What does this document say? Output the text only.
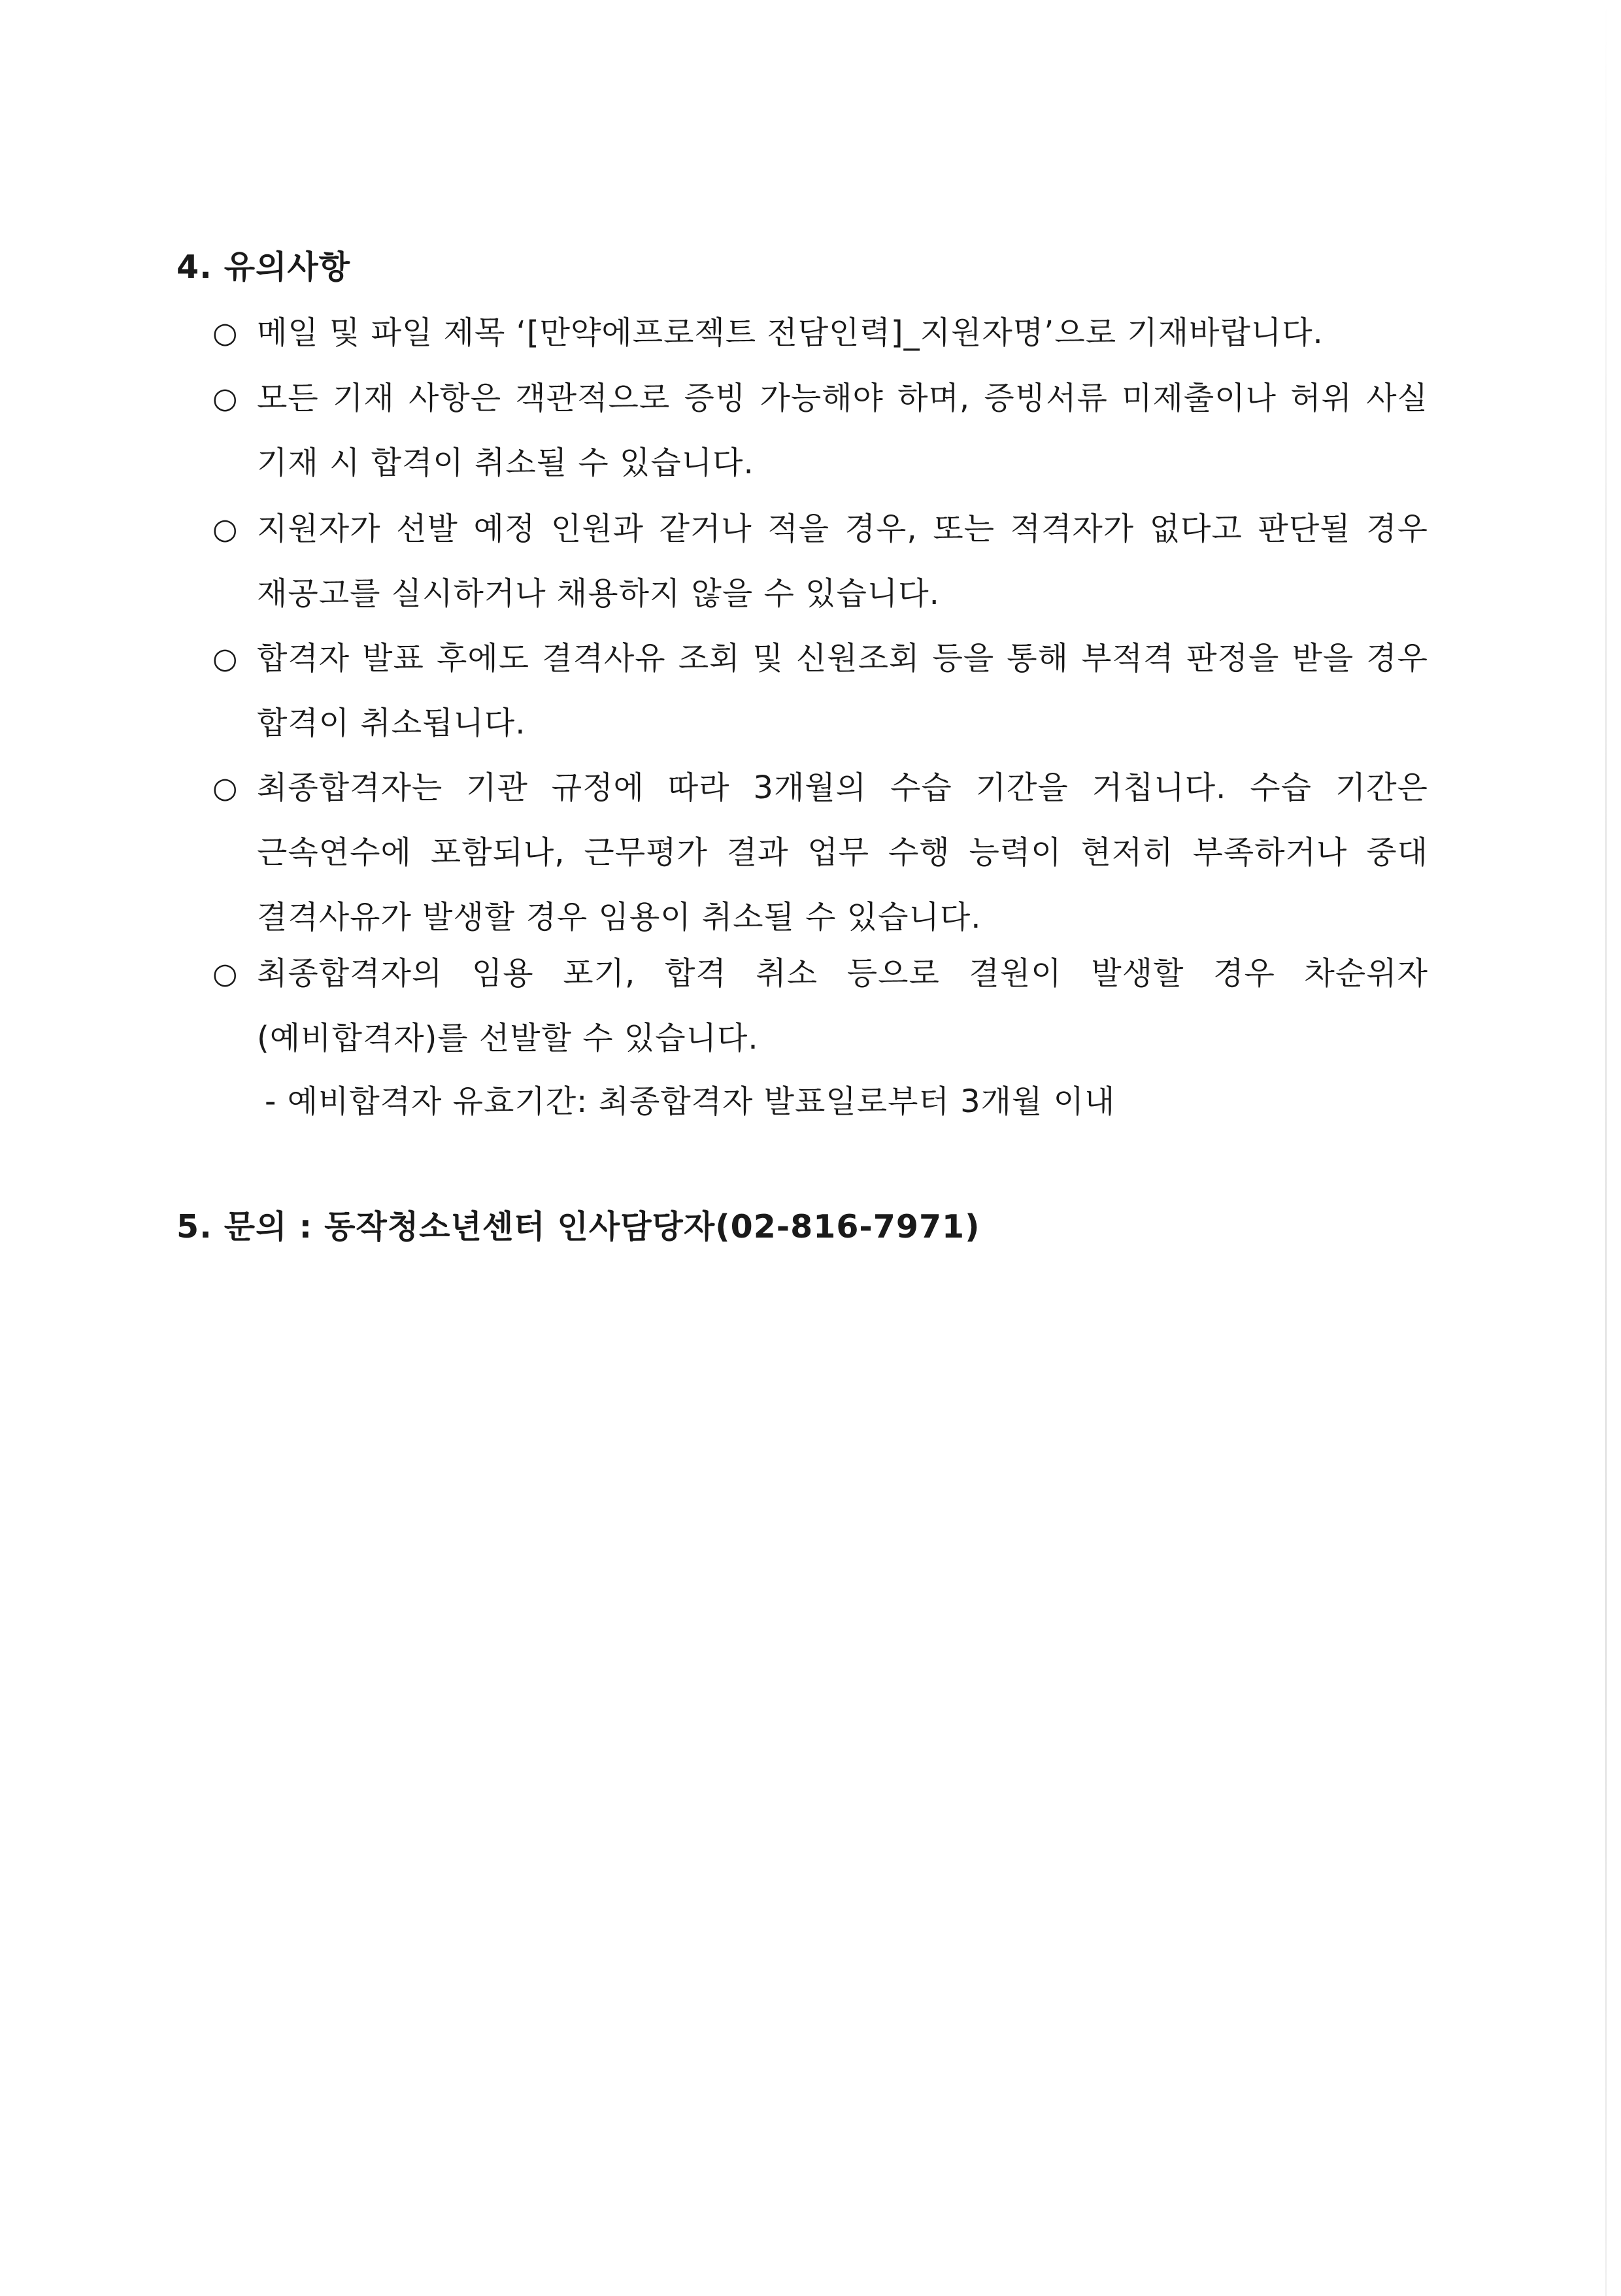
4. 유의사항
○ 메일 및 파일 제목 ‘[만약에프로젝트 전담인력]_지원자명’으로 기재바랍니다.
○ 모든 기재 사항은 객관적으로 증빙 가능해야 하며, 증빙서류 미제출이나 허위 사실 기재 시 합격이 취소될 수 있습니다.
○ 지원자가 선발 예정 인원과 같거나 적을 경우, 또는 적격자가 없다고 판단될 경우 재공고를 실시하거나 채용하지 않을 수 있습니다.
○ 합격자 발표 후에도 결격사유 조회 및 신원조회 등을 통해 부적격 판정을 받을 경우 합격이 취소됩니다.
○ 최종합격자는 기관 규정에 따라 3개월의 수습 기간을 거칩니다. 수습 기간은 근속연수에 포함되나, 근무평가 결과 업무 수행 능력이 현저히 부족하거나 중대 결격사유가 발생할 경우 임용이 취소될 수 있습니다.
○ 최종합격자의 임용 포기, 합격 취소 등으로 결원이 발생할 경우 차순위자(예비합격자)를 선발할 수 있습니다.
- 예비합격자 유효기간: 최종합격자 발표일로부터 3개월 이내
5. 문의 : 동작청소년센터 인사담당자(02-816-7971)
